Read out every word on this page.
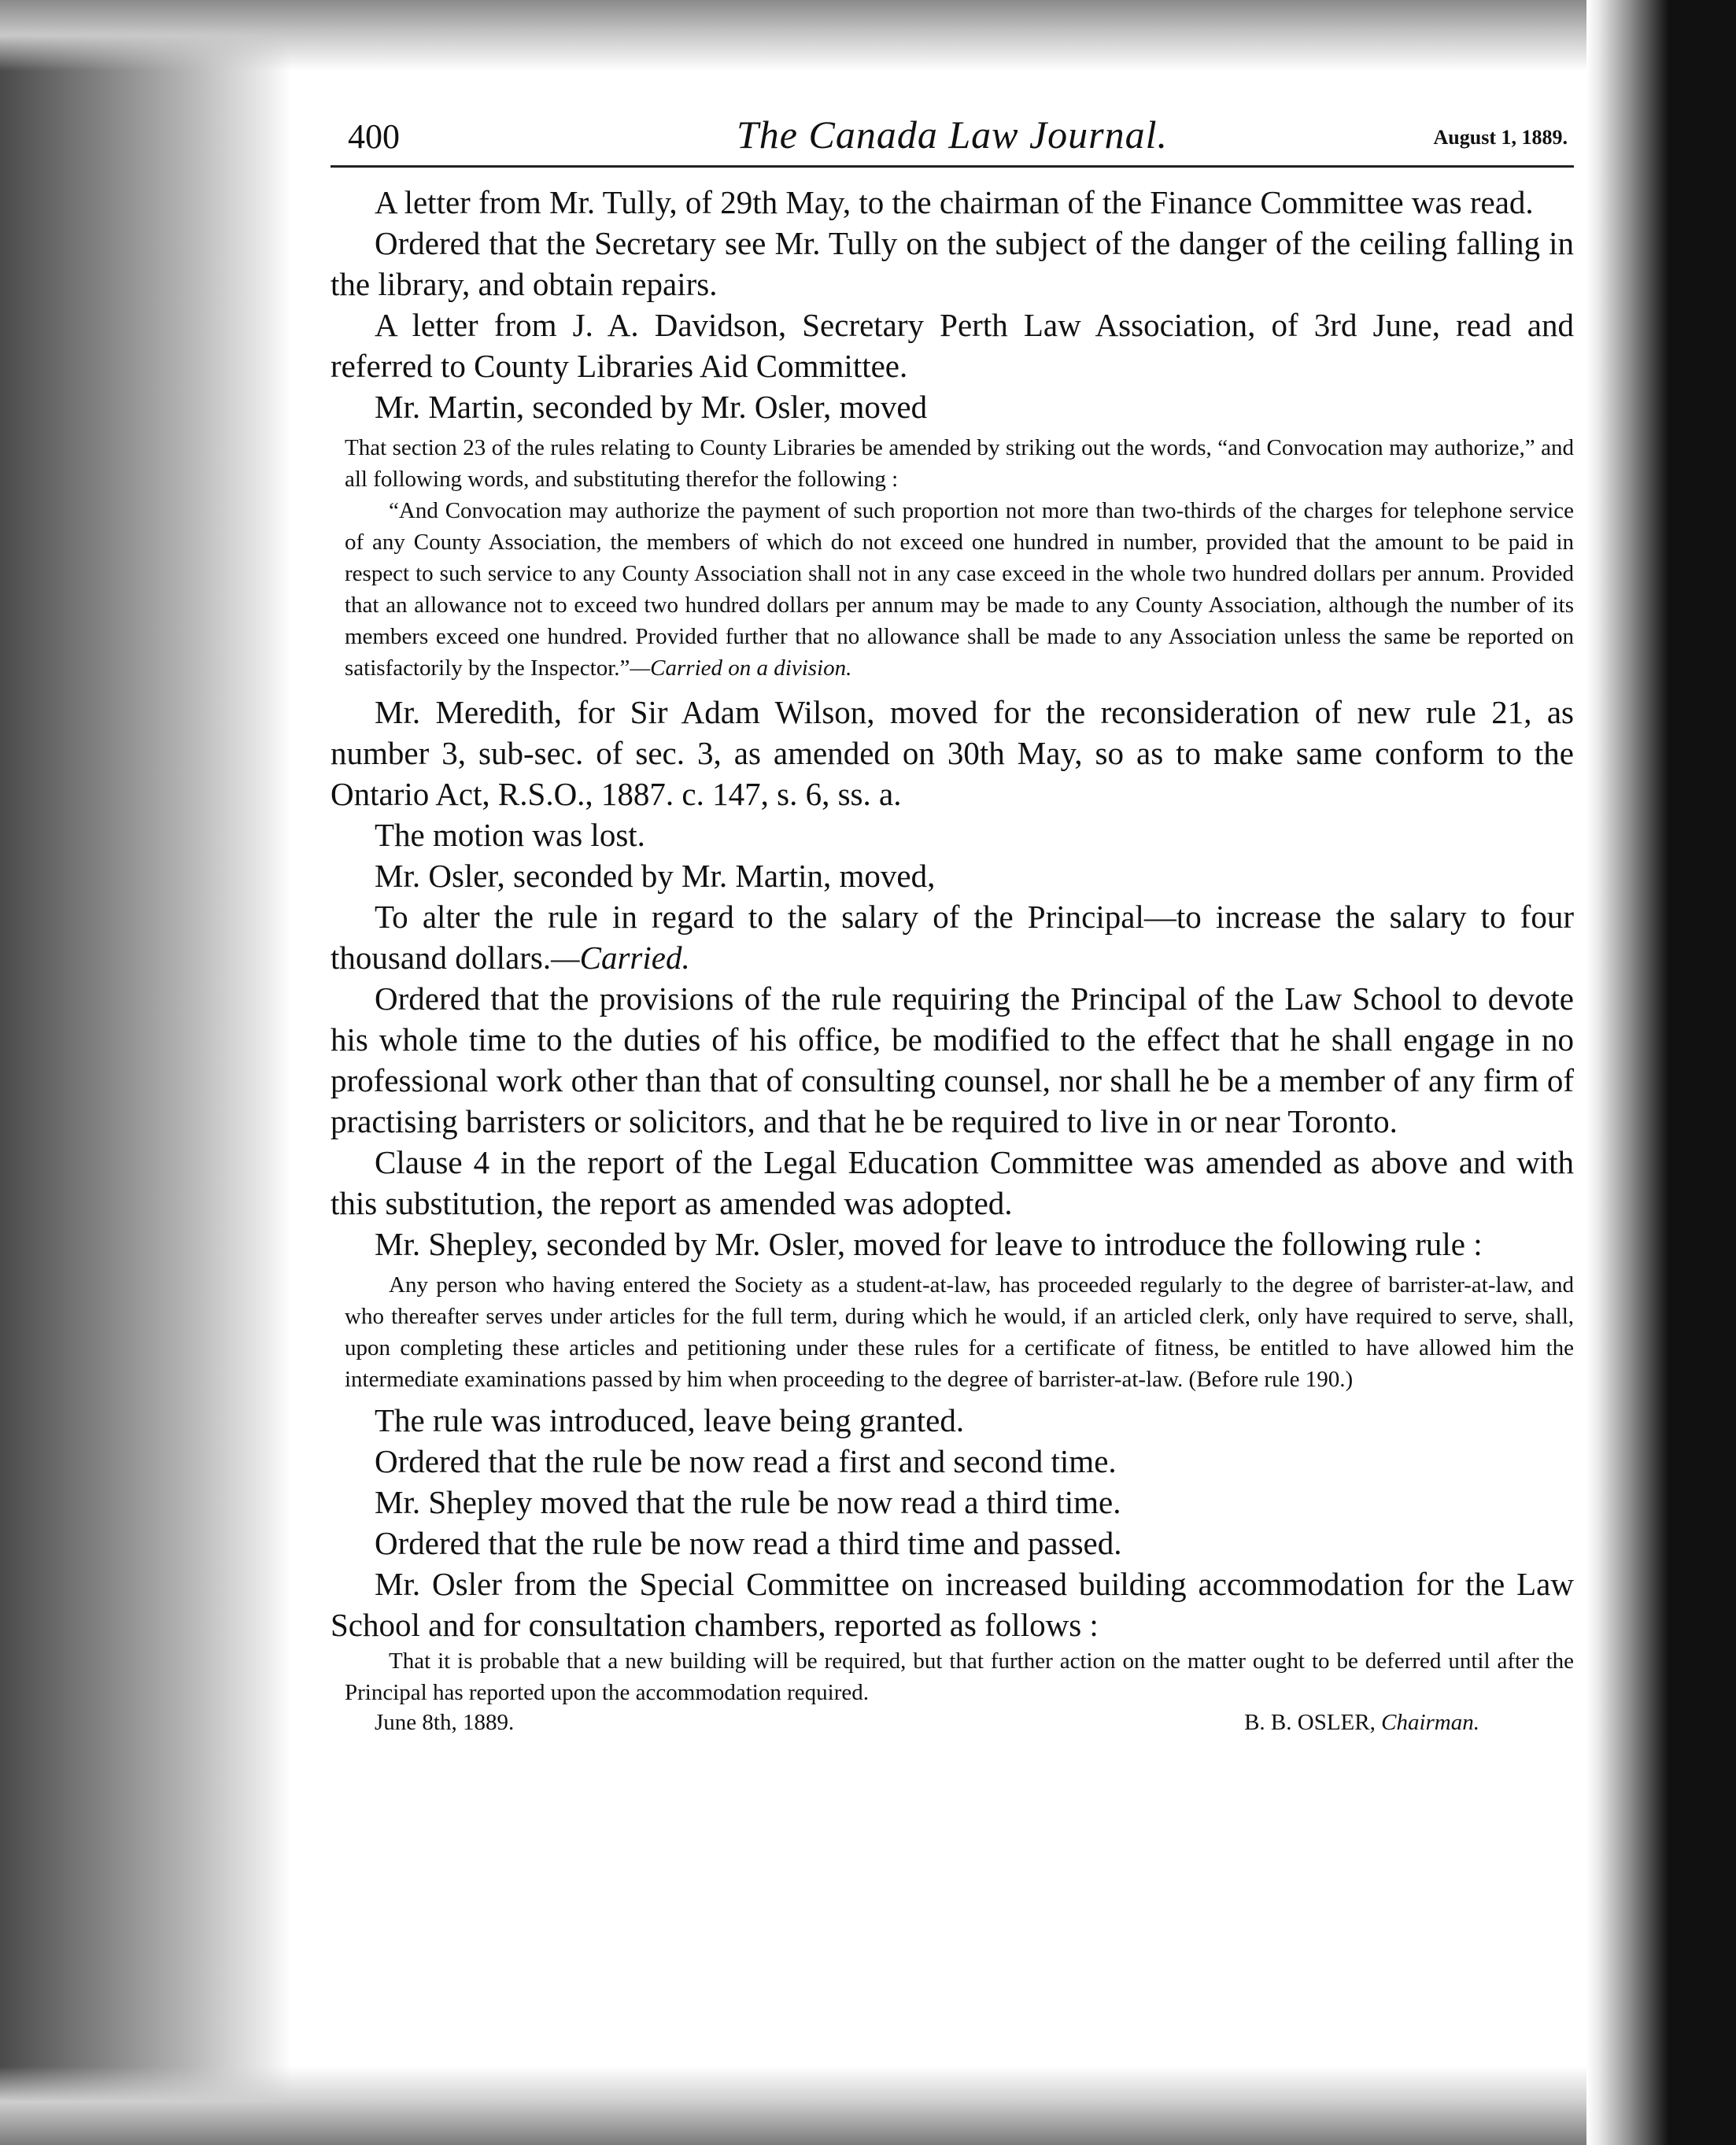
400	The Canada Law Journal.	August 1, 1889.

A letter from Mr. Tully, of 29th May, to the chairman of the Finance Committee was read.

Ordered that the Secretary see Mr. Tully on the subject of the danger of the ceiling falling in the library, and obtain repairs.

A letter from J. A. Davidson, Secretary Perth Law Association, of 3rd June, read and referred to County Libraries Aid Committee.

Mr. Martin, seconded by Mr. Osler, moved

That section 23 of the rules relating to County Libraries be amended by striking out the words, “and Convocation may authorize,” and all following words, and substituting therefor the following :

“And Convocation may authorize the payment of such proportion not more than two-thirds of the charges for telephone service of any County Association, the members of which do not exceed one hundred in number, provided that the amount to be paid in respect to such service to any County Association shall not in any case exceed in the whole two hundred dollars per annum. Provided that an allowance not to exceed two hundred dollars per annum may be made to any County Association, although the number of its members exceed one hundred. Provided further that no allowance shall be made to any Association unless the same be reported on satisfactorily by the Inspector.”—Carried on a division.

Mr. Meredith, for Sir Adam Wilson, moved for the reconsideration of new rule 21, as number 3, sub-sec. of sec. 3, as amended on 30th May, so as to make same conform to the Ontario Act, R.S.O., 1887. c. 147, s. 6, ss. a.

The motion was lost.

Mr. Osler, seconded by Mr. Martin, moved,

To alter the rule in regard to the salary of the Principal—to increase the salary to four thousand dollars.—Carried.

Ordered that the provisions of the rule requiring the Principal of the Law School to devote his whole time to the duties of his office, be modified to the effect that he shall engage in no professional work other than that of consulting counsel, nor shall he be a member of any firm of practising barristers or solicitors, and that he be required to live in or near Toronto.

Clause 4 in the report of the Legal Education Committee was amended as above and with this substitution, the report as amended was adopted.

Mr. Shepley, seconded by Mr. Osler, moved for leave to introduce the following rule :

Any person who having entered the Society as a student-at-law, has proceeded regularly to the degree of barrister-at-law, and who thereafter serves under articles for the full term, during which he would, if an articled clerk, only have required to serve, shall, upon completing these articles and petitioning under these rules for a certificate of fitness, be entitled to have allowed him the intermediate examinations passed by him when proceeding to the degree of barrister-at-law. (Before rule 190.)

The rule was introduced, leave being granted.

Ordered that the rule be now read a first and second time.

Mr. Shepley moved that the rule be now read a third time.

Ordered that the rule be now read a third time and passed.

Mr. Osler from the Special Committee on increased building accommodation for the Law School and for consultation chambers, reported as follows :

That it is probable that a new building will be required, but that further action on the matter ought to be deferred until after the Principal has reported upon the accommodation required.

June 8th, 1889.	B. B. OSLER, Chairman.
